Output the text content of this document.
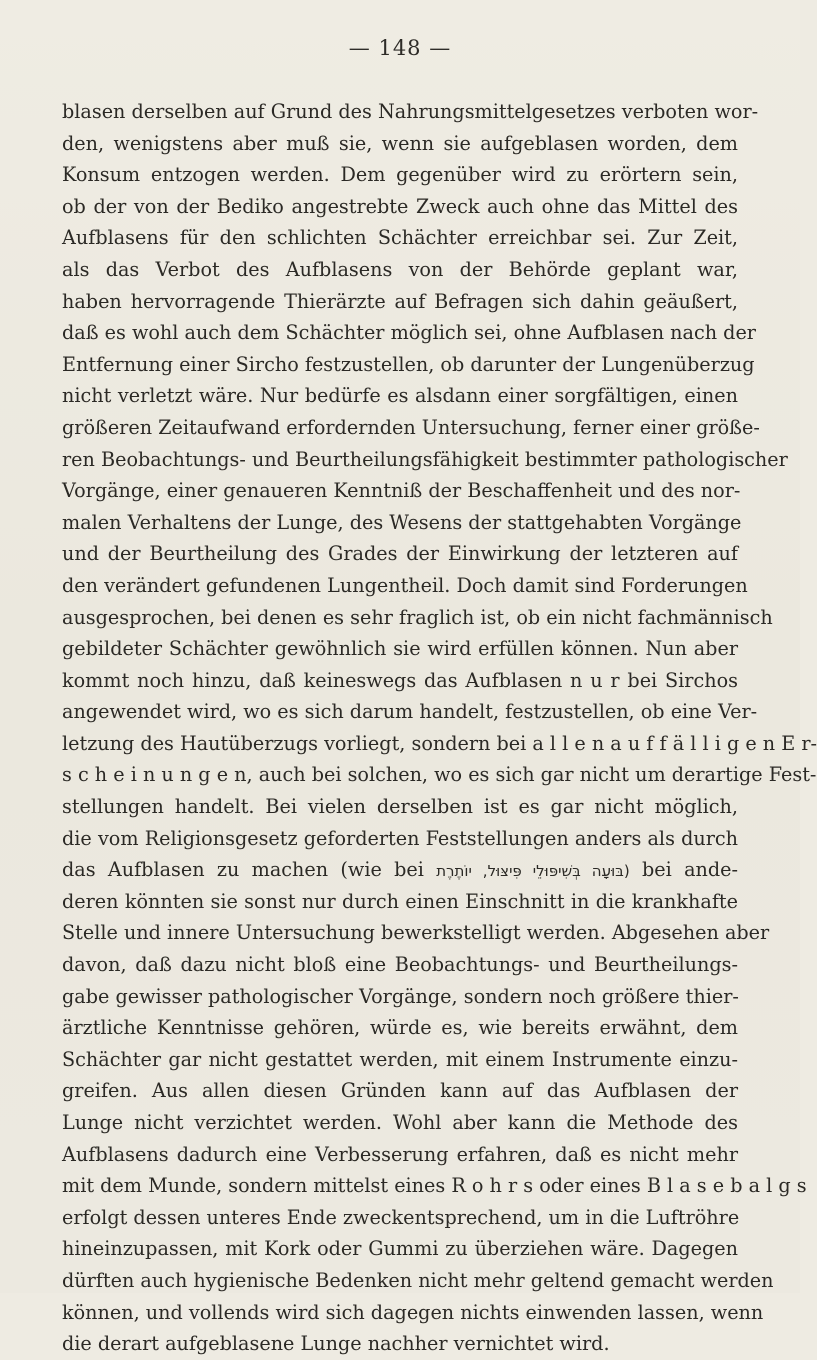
— 148 —
blasen derselben auf Grund des Nahrungsmittelgesetzes verboten wor-
den, wenigstens aber muß sie, wenn sie aufgeblasen worden, dem
Konsum entzogen werden. Dem gegenüber wird zu erörtern sein,
ob der von der Bediko angestrebte Zweck auch ohne das Mittel des
Aufblasens für den schlichten Schächter erreichbar sei. Zur Zeit,
als das Verbot des Aufblasens von der Behörde geplant war,
haben hervorragende Thierärzte auf Befragen sich dahin geäußert,
daß es wohl auch dem Schächter möglich sei, ohne Aufblasen nach der
Entfernung einer Sircho festzustellen, ob darunter der Lungenüberzug
nicht verletzt wäre. Nur bedürfe es alsdann einer sorgfältigen, einen
größeren Zeitaufwand erfordernden Untersuchung, ferner einer größe-
ren Beobachtungs- und Beurtheilungsfähigkeit bestimmter pathologischer
Vorgänge, einer genaueren Kenntniß der Beschaffenheit und des nor-
malen Verhaltens der Lunge, des Wesens der stattgehabten Vorgänge
und der Beurtheilung des Grades der Einwirkung der letzteren auf
den verändert gefundenen Lungentheil. Doch damit sind Forderungen
ausgesprochen, bei denen es sehr fraglich ist, ob ein nicht fachmännisch
gebildeter Schächter gewöhnlich sie wird erfüllen können. Nun aber
kommt noch hinzu, daß keineswegs das Aufblasen n u r bei Sirchos
angewendet wird, wo es sich darum handelt, festzustellen, ob eine Ver-
letzung des Hautüberzugs vorliegt, sondern bei a l l e n a u f f ä l l i g e n E r-
s c h e i n u n g e n, auch bei solchen, wo es sich gar nicht um derartige Fest-
stellungen handelt. Bei vielen derselben ist es gar nicht möglich,
die vom Religionsgesetz geforderten Feststellungen anders als durch
das Aufblasen zu machen (wie bei (בּוּעָה בְּשִׁיפּוּלֵי פִּיצּוּל, יוֹתֶרֶת bei ande-
deren könnten sie sonst nur durch einen Einschnitt in die krankhafte
Stelle und innere Untersuchung bewerkstelligt werden. Abgesehen aber
davon, daß dazu nicht bloß eine Beobachtungs- und Beurtheilungs-
gabe gewisser pathologischer Vorgänge, sondern noch größere thier-
ärztliche Kenntnisse gehören, würde es, wie bereits erwähnt, dem
Schächter gar nicht gestattet werden, mit einem Instrumente einzu-
greifen. Aus allen diesen Gründen kann auf das Aufblasen der
Lunge nicht verzichtet werden. Wohl aber kann die Methode des
Aufblasens dadurch eine Verbesserung erfahren, daß es nicht mehr
mit dem Munde, sondern mittelst eines R o h r s oder eines B l a s e b a l g s
erfolgt dessen unteres Ende zweckentsprechend, um in die Luftröhre
hineinzupassen, mit Kork oder Gummi zu überziehen wäre. Dagegen
dürften auch hygienische Bedenken nicht mehr geltend gemacht werden
können, und vollends wird sich dagegen nichts einwenden lassen, wenn
die derart aufgeblasene Lunge nachher vernichtet wird.
